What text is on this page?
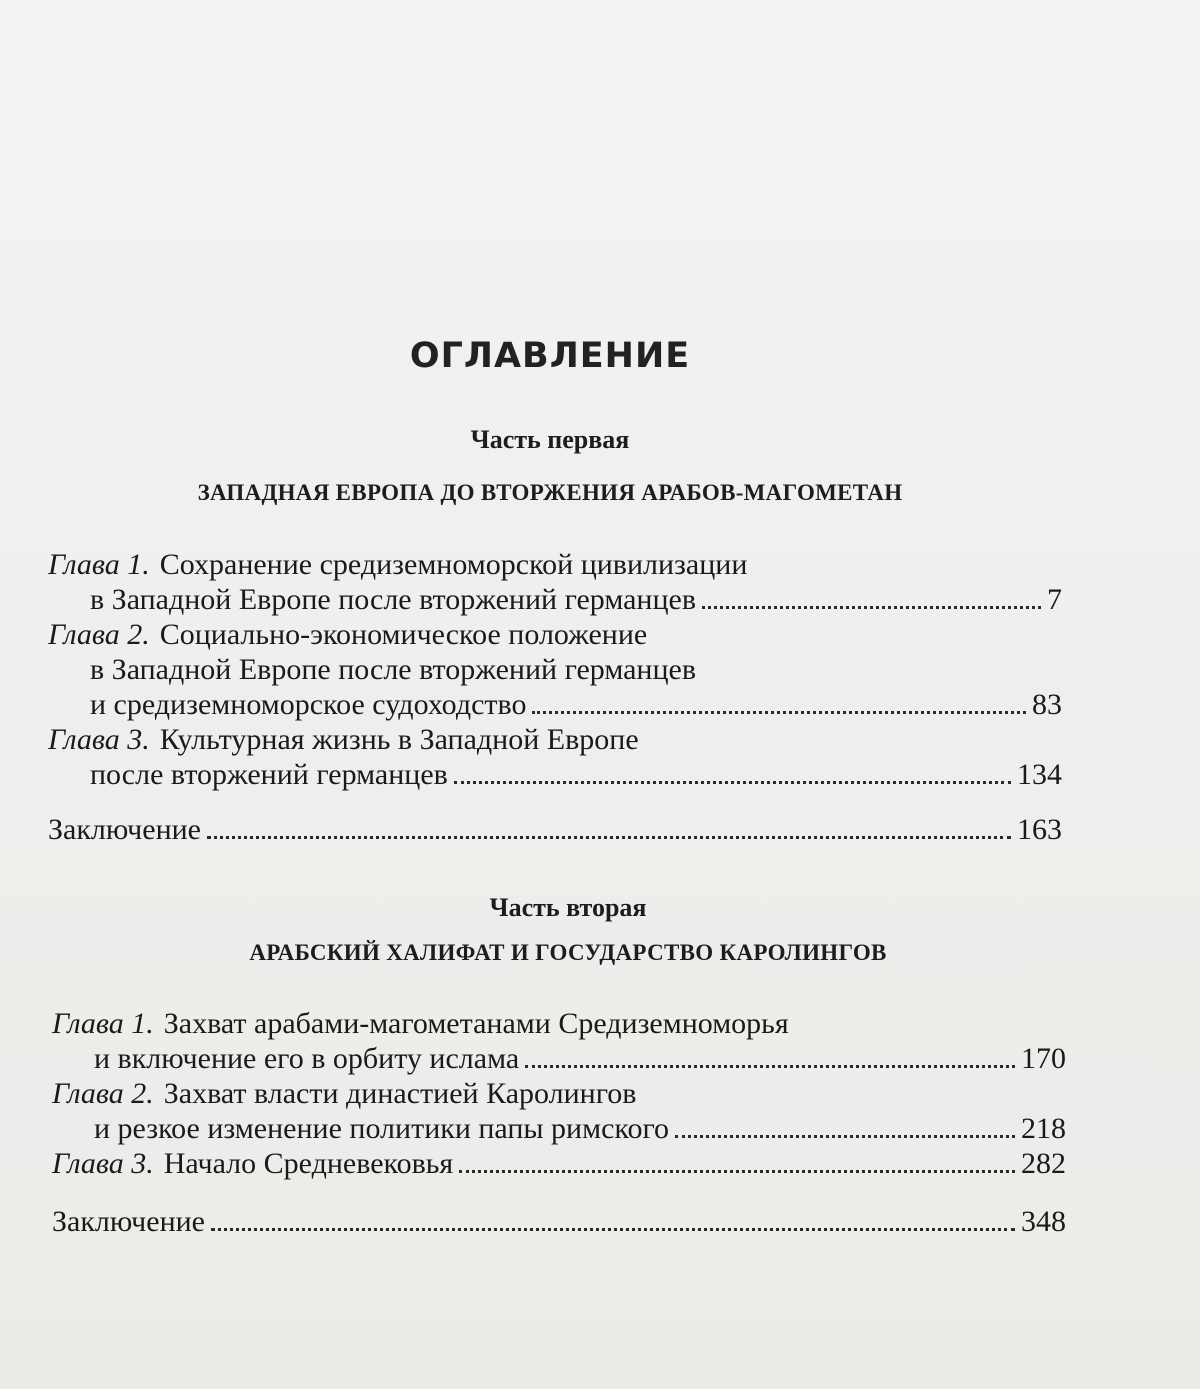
ОГЛАВЛЕНИЕ
Часть первая
ЗАПАДНАЯ ЕВРОПА ДО ВТОРЖЕНИЯ АРАБОВ-МАГОМЕТАН
Глава 1. Сохранение средиземноморской цивилизации
в Западной Европе после вторжений германцев	7
Глава 2. Социально-экономическое положение
в Западной Европе после вторжений германцев
и средиземноморское судоходство	83
Глава 3. Культурная жизнь в Западной Европе
после вторжений германцев	134
Заключение	163
Часть вторая
АРАБСКИЙ ХАЛИФАТ И ГОСУДАРСТВО КАРОЛИНГОВ
Глава 1. Захват арабами-магометанами Средиземноморья
и включение его в орбиту ислама	170
Глава 2. Захват власти династией Каролингов
и резкое изменение политики папы римского	218
Глава 3. Начало Средневековья	282
Заключение	348
